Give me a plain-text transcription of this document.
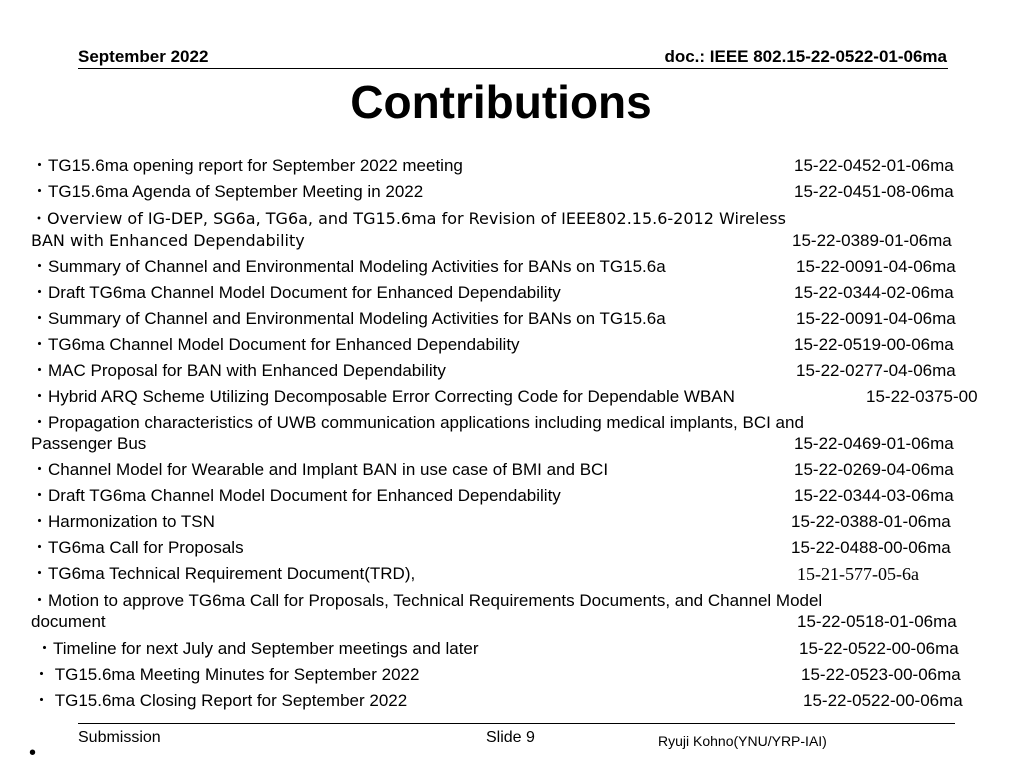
September 2022	doc.: IEEE 802.15-22-0522-01-06ma
Contributions
・TG15.6ma opening report for September 2022 meeting	15-22-0452-01-06ma
・TG15.6ma Agenda of September Meeting in 2022	15-22-0451-08-06ma
・Overview of IG-DEP, SG6a, TG6a, and TG15.6ma for Revision of IEEE802.15.6-2012 Wireless
BAN with Enhanced Dependability	15-22-0389-01-06ma
・Summary of Channel and Environmental Modeling Activities for BANs on TG15.6a	15-22-0091-04-06ma
・Draft TG6ma Channel Model Document for Enhanced Dependability	15-22-0344-02-06ma
・Summary of Channel and Environmental Modeling Activities for BANs on TG15.6a	15-22-0091-04-06ma
・TG6ma Channel Model Document for Enhanced Dependability	15-22-0519-00-06ma
・MAC Proposal for BAN with Enhanced Dependability	15-22-0277-04-06ma
・Hybrid ARQ Scheme Utilizing Decomposable Error Correcting Code for Dependable WBAN	15-22-0375-00
・Propagation characteristics of UWB communication applications including medical implants, BCI and
Passenger Bus	15-22-0469-01-06ma
・Channel Model for Wearable and Implant BAN in use case of BMI and BCI	15-22-0269-04-06ma
・Draft TG6ma Channel Model Document for Enhanced Dependability	15-22-0344-03-06ma
・Harmonization to TSN	15-22-0388-01-06ma
・TG6ma Call for Proposals	15-22-0488-00-06ma
・TG6ma Technical Requirement Document(TRD),	15-21-577-05-6a
・Motion to approve TG6ma Call for Proposals, Technical Requirements Documents, and Channel Model
document	15-22-0518-01-06ma
・Timeline for next July and September meetings and later	15-22-0522-00-06ma
・ TG15.6ma Meeting Minutes for September 2022	15-22-0523-00-06ma
・ TG15.6ma Closing Report for September 2022	15-22-0522-00-06ma
Submission	Slide 9	Ryuji Kohno(YNU/YRP-IAI)
•
